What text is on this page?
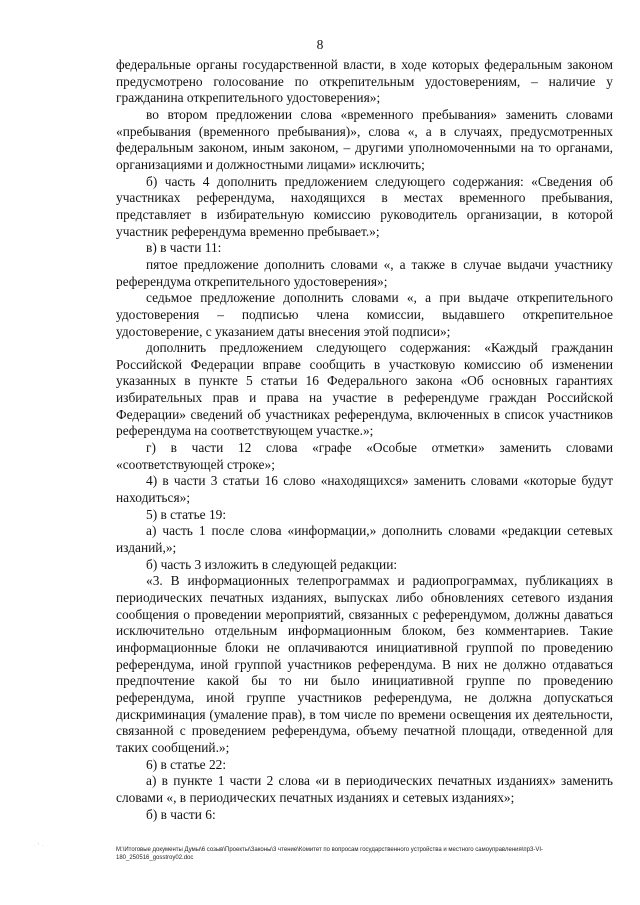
8

федеральные органы государственной власти, в ходе которых федеральным законом предусмотрено голосование по открепительным удостоверениям, – наличие у гражданина открепительного удостоверения»;

во втором предложении слова «временного пребывания» заменить словами «пребывания (временного пребывания)», слова «, а в случаях, предусмотренных федеральным законом, иным законом, – другими уполномоченными на то органами, организациями и должностными лицами» исключить;

б) часть 4 дополнить предложением следующего содержания: «Сведения об участниках референдума, находящихся в местах временного пребывания, представляет в избирательную комиссию руководитель организации, в которой участник референдума временно пребывает.»;

в) в части 11:

пятое предложение дополнить словами «, а также в случае выдачи участнику референдума открепительного удостоверения»;

седьмое предложение дополнить словами «, а при выдаче открепительного удостоверения – подписью члена комиссии, выдавшего открепительное удостоверение, с указанием даты внесения этой подписи»;

дополнить предложением следующего содержания: «Каждый гражданин Российской Федерации вправе сообщить в участковую комиссию об изменении указанных в пункте 5 статьи 16 Федерального закона «Об основных гарантиях избирательных прав и права на участие в референдуме граждан Российской Федерации» сведений об участниках референдума, включенных в список участников референдума на соответствующем участке.»;

г) в части 12 слова «графе «Особые отметки» заменить словами «соответствующей строке»;

4) в части 3 статьи 16 слово «находящихся» заменить словами «которые будут находиться»;

5) в статье 19:

а) часть 1 после слова «информации,» дополнить словами «редакции сетевых изданий,»;

б) часть 3 изложить в следующей редакции:

«3. В информационных телепрограммах и радиопрограммах, публикациях в периодических печатных изданиях, выпусках либо обновлениях сетевого издания сообщения о проведении мероприятий, связанных с референдумом, должны даваться исключительно отдельным информационным блоком, без комментариев. Такие информационные блоки не оплачиваются инициативной группой по проведению референдума, иной группой участников референдума. В них не должно отдаваться предпочтение какой бы то ни было инициативной группе по проведению референдума, иной группе участников референдума, не должна допускаться дискриминация (умаление прав), в том числе по времени освещения их деятельности, связанной с проведением референдума, объему печатной площади, отведенной для таких сообщений.»;

6) в статье 22:

а) в пункте 1 части 2 слова «и в периодических печатных изданиях» заменить словами «, в периодических печатных изданиях и сетевых изданиях»;

б) в части 6:

· ' ·
M:\Итоговые документы Думы\6 созыв\Проекты\Законы\3 чтение\Комитет по вопросам государственного устройства и местного самоуправления\пр3-VI-
180_250516_gosstroy02.doc
